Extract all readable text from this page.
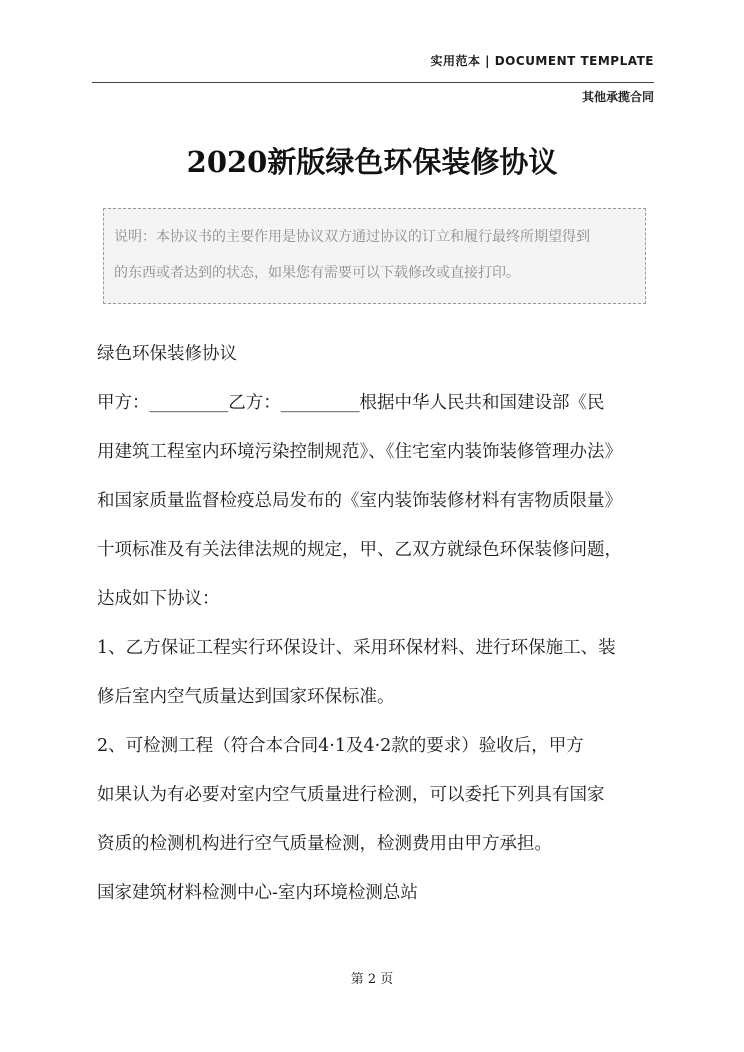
实用范本 | DOCUMENT TEMPLATE
其他承揽合同
2020新版绿色环保装修协议

说明：本协议书的主要作用是协议双方通过协议的订立和履行最终所期望得到

的东西或者达到的状态，如果您有需要可以下载修改或直接打印。

绿色环保装修协议

甲方：_________乙方：_________根据中华人民共和国建设部《民

用建筑工程室内环境污染控制规范》、《住宅室内装饰装修管理办法》

和国家质量监督检疫总局发布的《室内装饰装修材料有害物质限量》

十项标准及有关法律法规的规定，甲、乙双方就绿色环保装修问题，

达成如下协议：

1、乙方保证工程实行环保设计、采用环保材料、进行环保施工、装

修后室内空气质量达到国家环保标准。

2、可检测工程（符合本合同4·1及4·2款的要求）验收后，甲方

如果认为有必要对室内空气质量进行检测，可以委托下列具有国家

资质的检测机构进行空气质量检测，检测费用由甲方承担。

国家建筑材料检测中心-室内环境检测总站

第 2 页
